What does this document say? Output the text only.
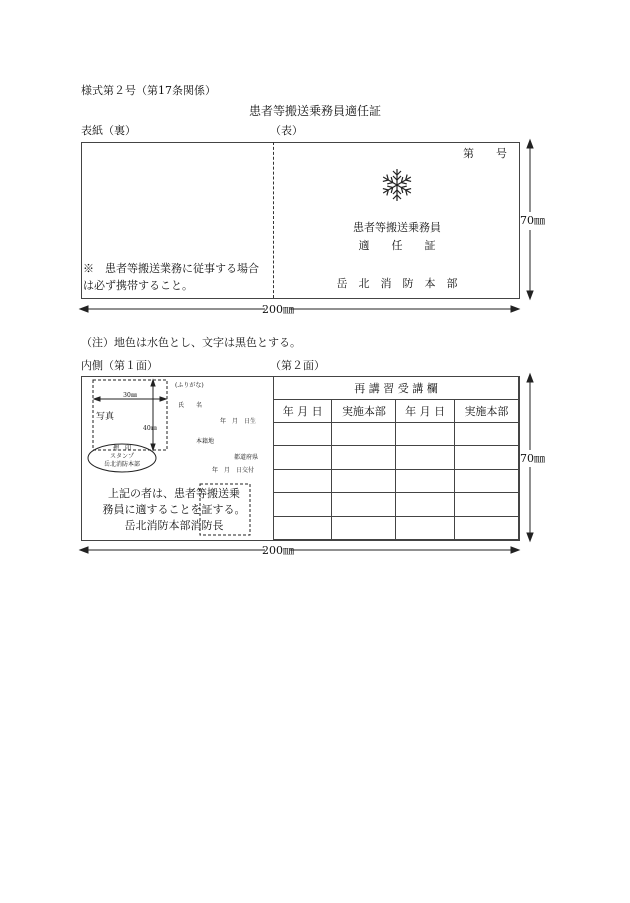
様式第２号（第17条関係）
患者等搬送乗務員適任証
表紙（裏）	（表）
第　　号
患者等搬送乗務員
適　　任　　証
岳　北　消　防　本　部
※　患者等搬送業務に従事する場合
は必ず携帯すること。
70㎜
200㎜
（注）地色は水色とし、文字は黒色とする。
内側（第１面）	（第２面）
30㎜
40㎜
写真
押　印
スタンプ
岳北消防本部
(ふりがな)
氏　　名
年　月　日生
本籍地
都道府県
年　月　日交付
上記の者は、患者等搬送乗
務員に適することを証する。
岳北消防本部消防長
再 講 習 受 講 欄			
年 月 日	実施本部	年 月 日	実施本部

70㎜
200㎜
